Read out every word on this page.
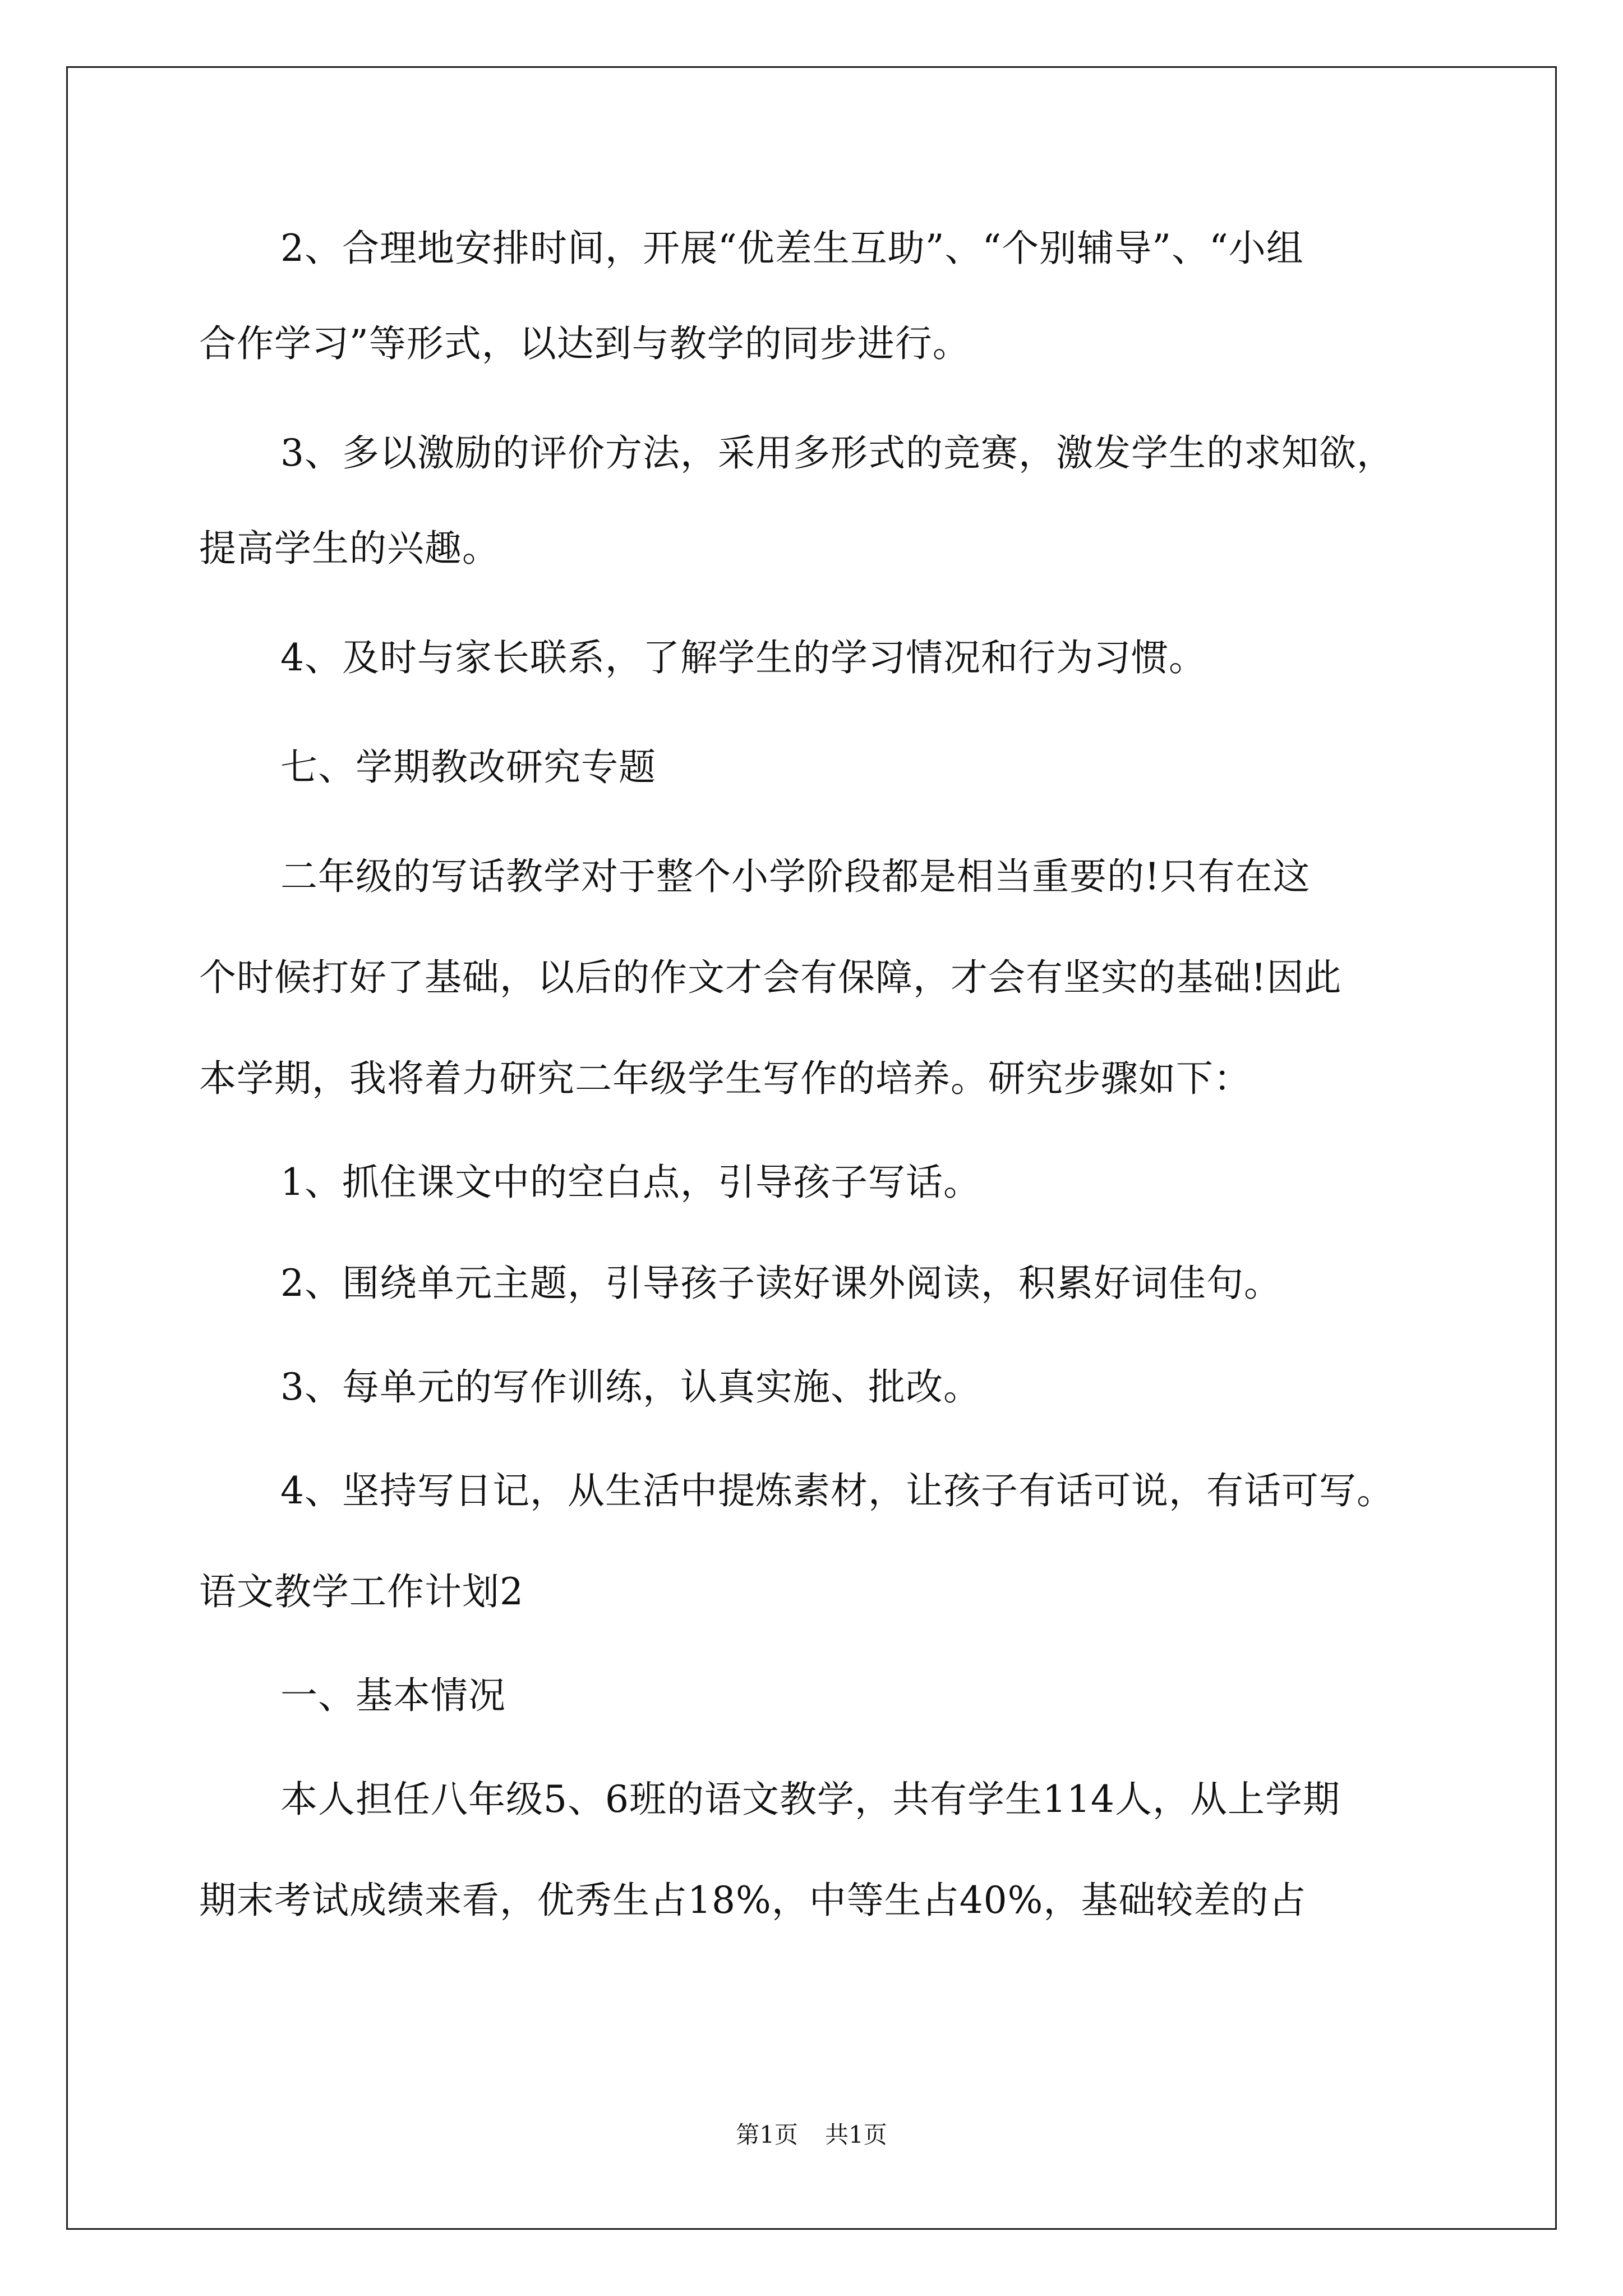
2、合理地安排时间，开展“优差生互助”、“个别辅导”、“小组
合作学习”等形式，以达到与教学的同步进行。
3、多以激励的评价方法，采用多形式的竞赛，激发学生的求知欲，
提高学生的兴趣。
4、及时与家长联系，了解学生的学习情况和行为习惯。
七、学期教改研究专题
二年级的写话教学对于整个小学阶段都是相当重要的!只有在这
个时候打好了基础，以后的作文才会有保障，才会有坚实的基础!因此
本学期，我将着力研究二年级学生写作的培养。研究步骤如下：
1、抓住课文中的空白点，引导孩子写话。
2、围绕单元主题，引导孩子读好课外阅读，积累好词佳句。
3、每单元的写作训练，认真实施、批改。
4、坚持写日记，从生活中提炼素材，让孩子有话可说，有话可写。
语文教学工作计划2
一、基本情况
本人担任八年级5、6班的语文教学，共有学生114人，从上学期
期末考试成绩来看，优秀生占18%，中等生占40%，基础较差的占
第1页 共1页
